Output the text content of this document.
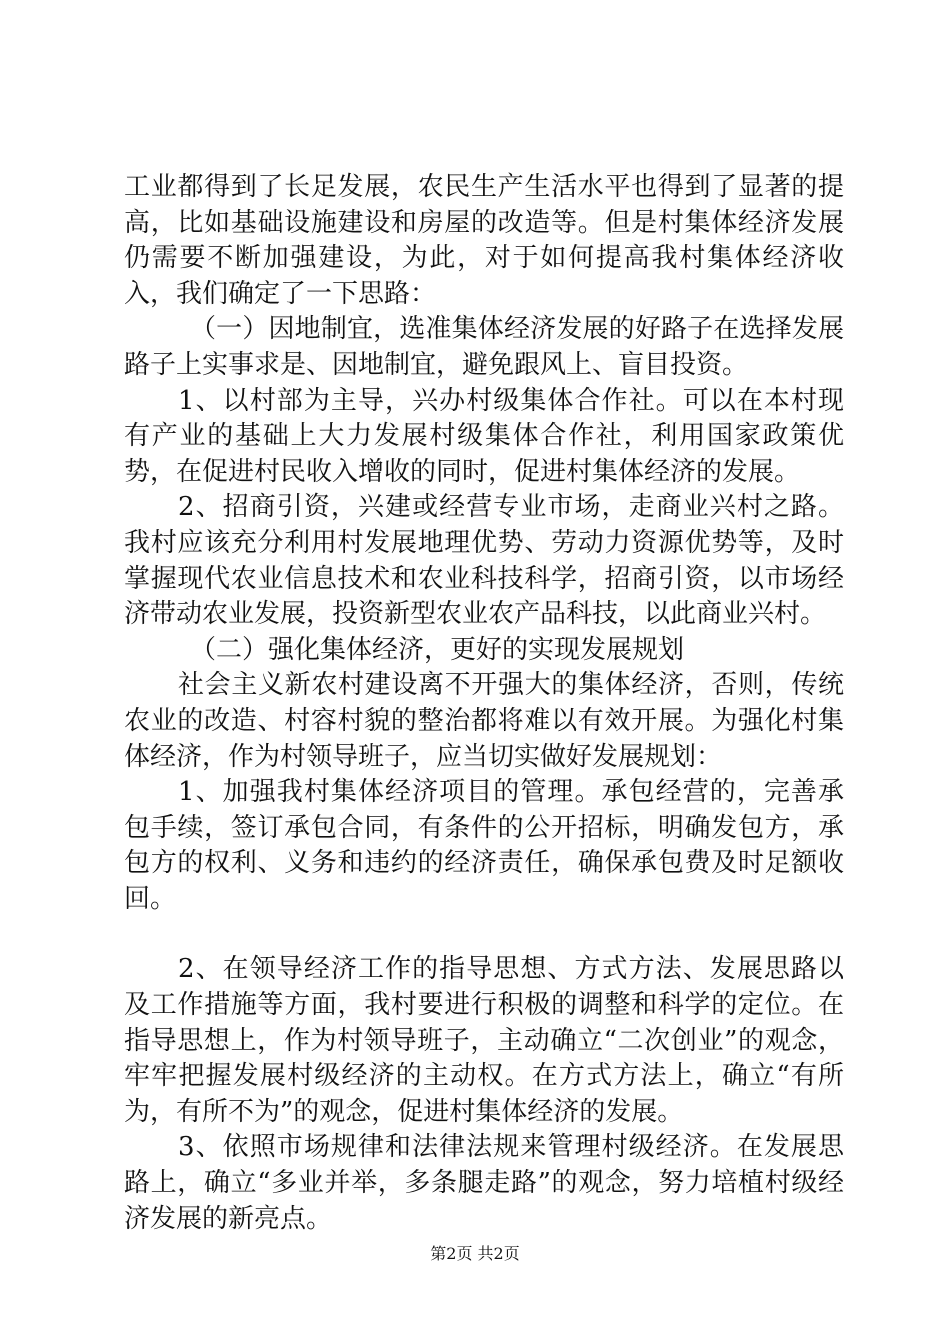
工业都得到了长足发展，农民生产生活水平也得到了显著的提高，比如基础设施建设和房屋的改造等。但是村集体经济发展仍需要不断加强建设，为此，对于如何提高我村集体经济收入，我们确定了一下思路：

（一）因地制宜，选准集体经济发展的好路子在选择发展路子上实事求是、因地制宜，避免跟风上、盲目投资。

1、以村部为主导，兴办村级集体合作社。可以在本村现有产业的基础上大力发展村级集体合作社，利用国家政策优势，在促进村民收入增收的同时，促进村集体经济的发展。

2、招商引资，兴建或经营专业市场，走商业兴村之路。我村应该充分利用村发展地理优势、劳动力资源优势等，及时掌握现代农业信息技术和农业科技科学，招商引资，以市场经济带动农业发展，投资新型农业农产品科技，以此商业兴村。

（二）强化集体经济，更好的实现发展规划

社会主义新农村建设离不开强大的集体经济，否则，传统农业的改造、村容村貌的整治都将难以有效开展。为强化村集体经济，作为村领导班子，应当切实做好发展规划：

1、加强我村集体经济项目的管理。承包经营的，完善承包手续，签订承包合同，有条件的公开招标，明确发包方，承包方的权利、义务和违约的经济责任，确保承包费及时足额收回。

2、在领导经济工作的指导思想、方式方法、发展思路以及工作措施等方面，我村要进行积极的调整和科学的定位。在指导思想上，作为村领导班子，主动确立“二次创业”的观念，牢牢把握发展村级经济的主动权。在方式方法上，确立“有所为，有所不为”的观念，促进村集体经济的发展。

3、依照市场规律和法律法规来管理村级经济。在发展思路上，确立“多业并举，多条腿走路”的观念，努力培植村级经济发展的新亮点。

第2页 共2页
